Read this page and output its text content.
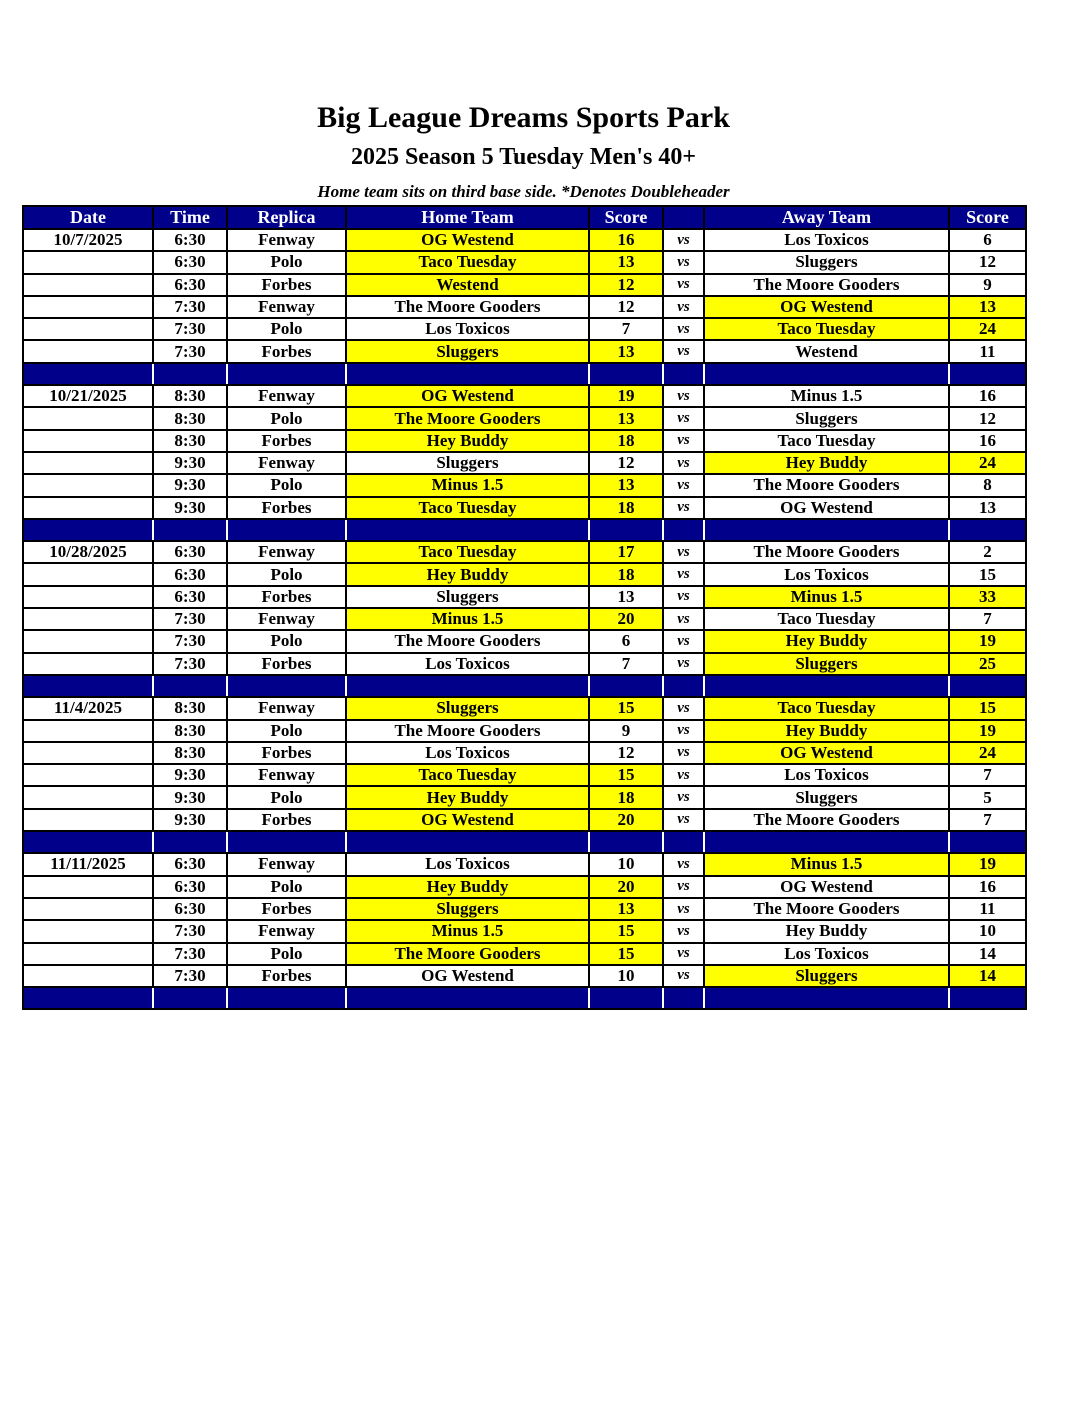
Big League Dreams Sports Park
2025 Season 5 Tuesday Men's 40+
Home team sits on third base side. *Denotes Doubleheader
Date	Time	Replica	Home Team	Score		Away Team	Score
10/7/2025	6:30	Fenway	OG Westend	16	vs	Los Toxicos	6
	6:30	Polo	Taco Tuesday	13	vs	Sluggers	12
	6:30	Forbes	Westend	12	vs	The Moore Gooders	9
	7:30	Fenway	The Moore Gooders	12	vs	OG Westend	13
	7:30	Polo	Los Toxicos	7	vs	Taco Tuesday	24
	7:30	Forbes	Sluggers	13	vs	Westend	11

10/21/2025	8:30	Fenway	OG Westend	19	vs	Minus 1.5	16
	8:30	Polo	The Moore Gooders	13	vs	Sluggers	12
	8:30	Forbes	Hey Buddy	18	vs	Taco Tuesday	16
	9:30	Fenway	Sluggers	12	vs	Hey Buddy	24
	9:30	Polo	Minus 1.5	13	vs	The Moore Gooders	8
	9:30	Forbes	Taco Tuesday	18	vs	OG Westend	13

10/28/2025	6:30	Fenway	Taco Tuesday	17	vs	The Moore Gooders	2
	6:30	Polo	Hey Buddy	18	vs	Los Toxicos	15
	6:30	Forbes	Sluggers	13	vs	Minus 1.5	33
	7:30	Fenway	Minus 1.5	20	vs	Taco Tuesday	7
	7:30	Polo	The Moore Gooders	6	vs	Hey Buddy	19
	7:30	Forbes	Los Toxicos	7	vs	Sluggers	25

11/4/2025	8:30	Fenway	Sluggers	15	vs	Taco Tuesday	15
	8:30	Polo	The Moore Gooders	9	vs	Hey Buddy	19
	8:30	Forbes	Los Toxicos	12	vs	OG Westend	24
	9:30	Fenway	Taco Tuesday	15	vs	Los Toxicos	7
	9:30	Polo	Hey Buddy	18	vs	Sluggers	5
	9:30	Forbes	OG Westend	20	vs	The Moore Gooders	7

11/11/2025	6:30	Fenway	Los Toxicos	10	vs	Minus 1.5	19
	6:30	Polo	Hey Buddy	20	vs	OG Westend	16
	6:30	Forbes	Sluggers	13	vs	The Moore Gooders	11
	7:30	Fenway	Minus 1.5	15	vs	Hey Buddy	10
	7:30	Polo	The Moore Gooders	15	vs	Los Toxicos	14
	7:30	Forbes	OG Westend	10	vs	Sluggers	14
